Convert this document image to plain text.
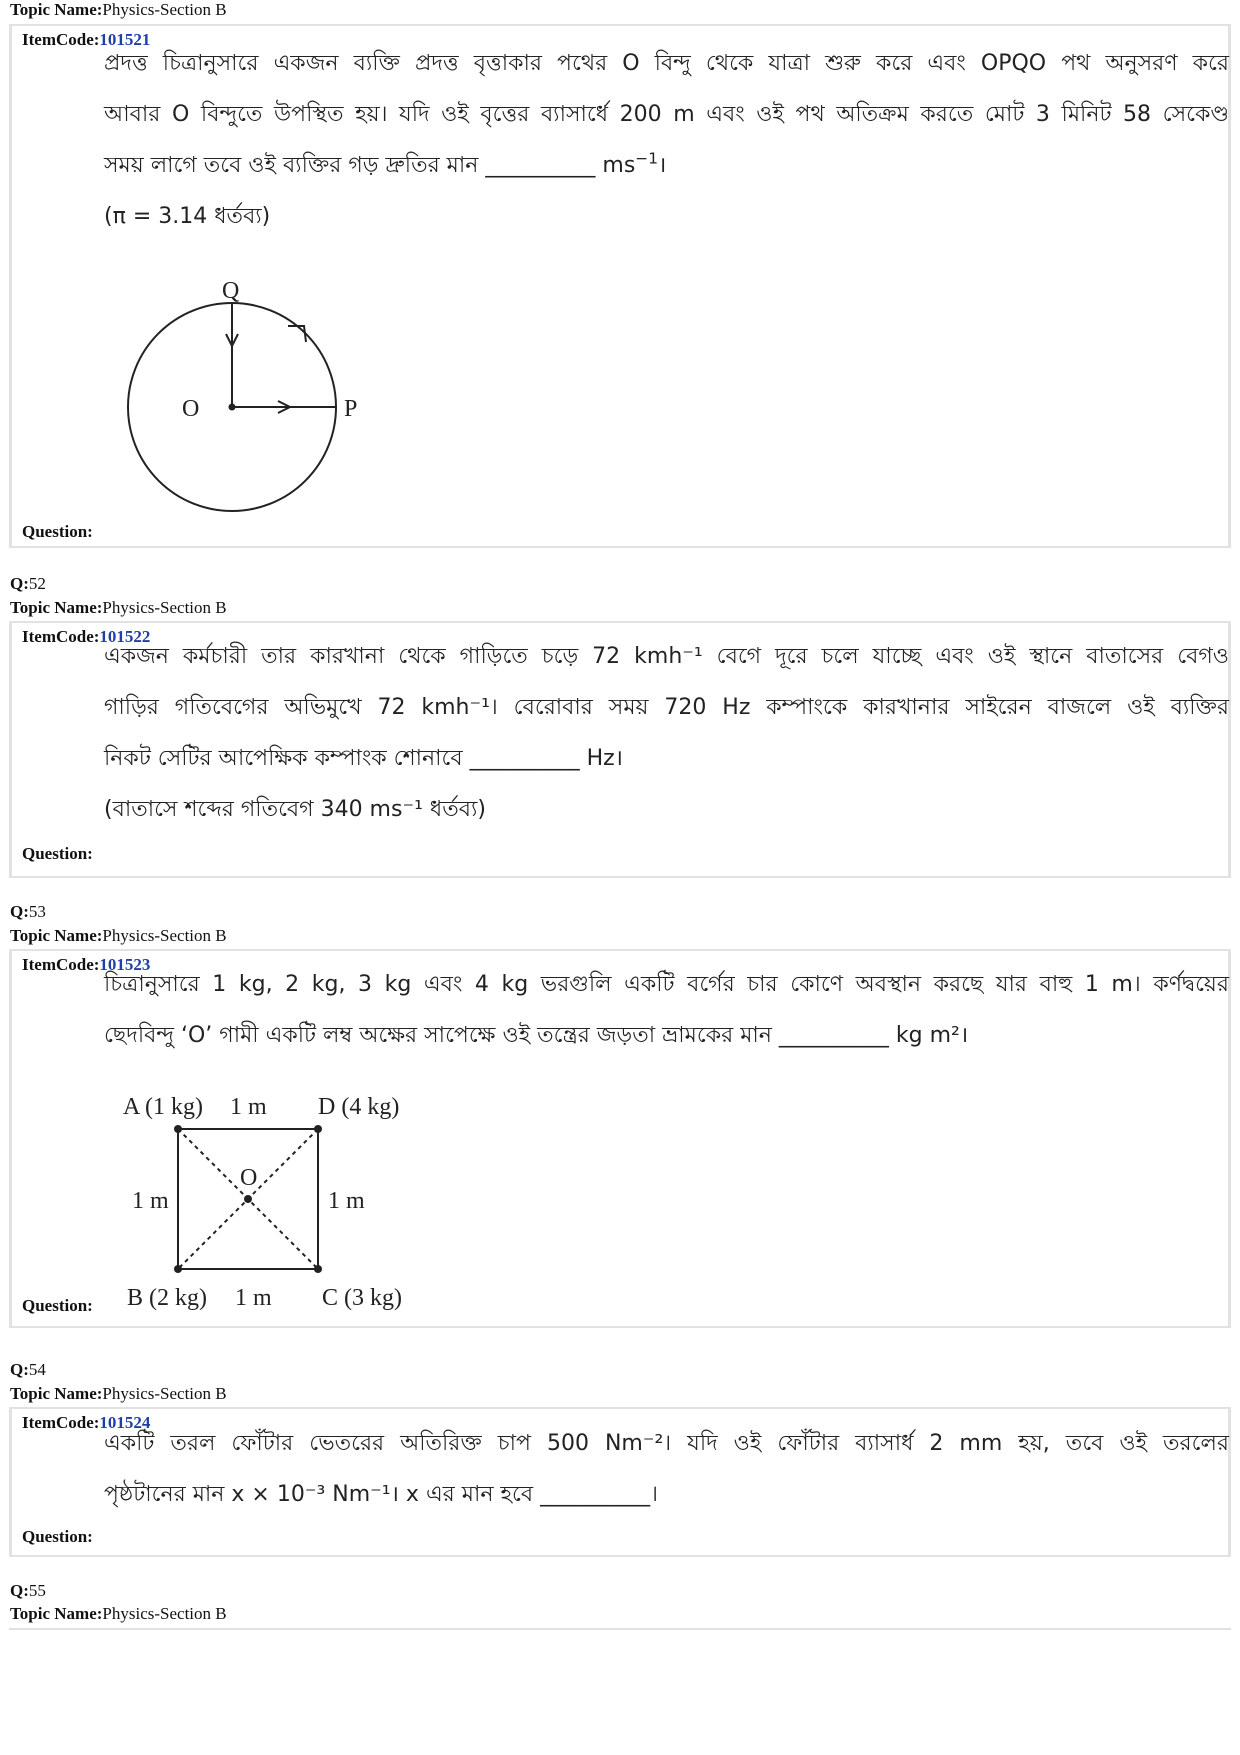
Topic Name:Physics-Section B
ItemCode:101521
প্রদত্ত চিত্রানুসারে একজন ব্যক্তি প্রদত্ত বৃত্তাকার পথের O বিন্দু থেকে যাত্রা শুরু করে এবং OPQO পথ অনুসরণ করে
আবার O বিন্দুতে উপস্থিত হয়। যদি ওই বৃত্তের ব্যাসার্ধে 200 m এবং ওই পথ অতিক্রম করতে মোট 3 মিনিট 58 সেকেণ্ড
সময় লাগে তবে ওই ব্যক্তির গড় দ্রুতির মান __________ $ms^{-1}।$
(π = 3.14 ধর্তব্য)
Q
O	P
Question:
Q:52
Topic Name:Physics-Section B
ItemCode:101522
একজন কর্মচারী তার কারখানা থেকে গাড়িতে চড়ে 72 kmh⁻¹ বেগে দূরে চলে যাচ্ছে এবং ওই স্থানে বাতাসের বেগও
গাড়ির গতিবেগের অভিমুখে 72 kmh⁻¹। বেরোবার সময় 720 Hz কম্পাংকে কারখানার সাইরেন বাজলে ওই ব্যক্তির
নিকট সেটির আপেক্ষিক কম্পাংক শোনাবে __________ Hz।
(বাতাসে শব্দের গতিবেগ 340 ms⁻¹ ধর্তব্য)
Question:
Q:53
Topic Name:Physics-Section B
ItemCode:101523
চিত্রানুসারে 1 kg, 2 kg, 3 kg এবং 4 kg ভরগুলি একটি বর্গের চার কোণে অবস্থান করছে যার বাহু 1 m। কর্ণদ্বয়ের
ছেদবিন্দু ‘O’ গামী একটি লম্ব অক্ষের সাপেক্ষে ওই তন্ত্রের জড়তা ভ্রামকের মান __________ kg m²।
A (1 kg) 1 m D (4 kg)
O
1 m	1 m
B (2 kg) 1 m C (3 kg)
Question:
Q:54
Topic Name:Physics-Section B
ItemCode:101524
একটি তরল ফোঁটার ভেতরের অতিরিক্ত চাপ 500 Nm⁻²। যদি ওই ফোঁটার ব্যাসার্ধ 2 mm হয়, তবে ওই তরলের
পৃষ্ঠটানের মান x × 10⁻³ Nm⁻¹। x এর মান হবে __________।
Question:
Q:55
Topic Name:Physics-Section B
